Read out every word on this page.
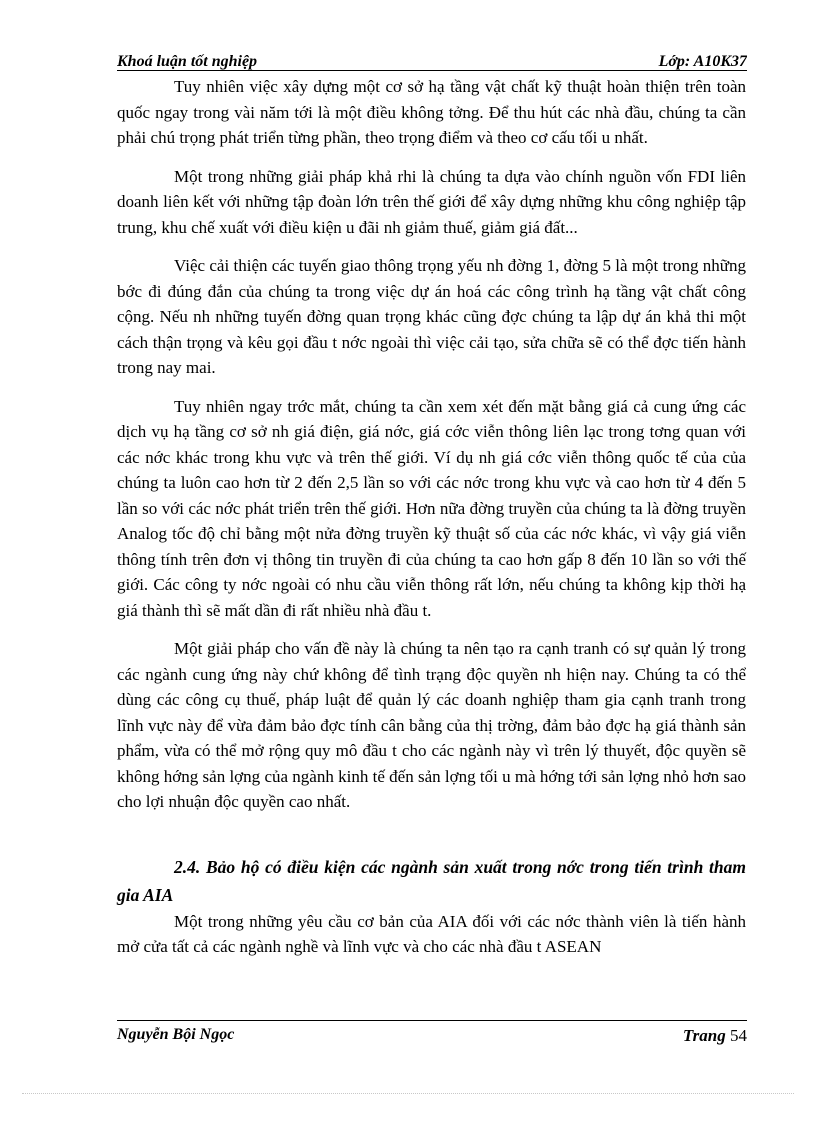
Khoá luận tốt nghiệp	Lớp: A10K37

Tuy nhiên việc xây dựng một cơ sở hạ tầng vật chất kỹ thuật hoàn thiện trên toàn quốc ngay trong vài năm tới là một điều không tởng. Để thu hút các nhà đầu, chúng ta cần phải chú trọng phát triển từng phần, theo trọng điểm và theo cơ cấu tối u nhất.

Một trong những giải pháp khả rhi là chúng ta dựa vào chính nguồn vốn FDI liên doanh liên kết với những tập đoàn lớn trên thế giới để xây dựng những khu công nghiệp tập trung, khu chế xuất với điều kiện u đãi nh giảm thuế, giảm giá đất...

Việc cải thiện các tuyến giao thông trọng yếu nh đờng 1, đờng 5 là một trong những bớc đi đúng đắn của chúng ta trong việc dự án hoá các công trình hạ tầng vật chất công cộng. Nếu nh những tuyến đờng quan trọng khác cũng đợc chúng ta lập dự án khả thi một cách thận trọng và kêu gọi đầu t nớc ngoài thì việc cải tạo, sửa chữa sẽ có thể đợc tiến hành trong nay mai.

Tuy nhiên ngay trớc mắt, chúng ta cần xem xét đến mặt bằng giá cả cung ứng các dịch vụ hạ tầng cơ sở nh giá điện, giá nớc, giá cớc viễn thông liên lạc trong tơng quan với các nớc khác trong khu vực và trên thế giới. Ví dụ nh giá cớc viễn thông quốc tế của của chúng ta luôn cao hơn từ 2 đến 2,5 lần so với các nớc trong khu vực và cao hơn từ 4 đến 5 lần so với các nớc phát triển trên thế giới. Hơn nữa đờng truyền của chúng ta là đờng truyền Analog tốc độ chỉ bằng một nửa đờng truyền kỹ thuật số của các nớc khác, vì vậy giá viễn thông tính trên đơn vị thông tin truyền đi của chúng ta cao hơn gấp 8 đến 10 lần so với thế giới. Các công ty nớc ngoài có nhu cầu viễn thông rất lớn, nếu chúng ta không kịp thời hạ giá thành thì sẽ mất dần đi rất nhiều nhà đầu t.

Một giải pháp cho vấn đề này là chúng ta nên tạo ra cạnh tranh có sự quản lý trong các ngành cung ứng này chứ không để tình trạng độc quyền nh hiện nay. Chúng ta có thể dùng các công cụ thuế, pháp luật để quản lý các doanh nghiệp tham gia cạnh tranh trong lĩnh vực này để vừa đảm bảo đợc tính cân bằng của thị trờng, đảm bảo đợc hạ giá thành sản phẩm, vừa có thể mở rộng quy mô đầu t cho các ngành này vì trên lý thuyết, độc quyền sẽ không hớng sản lợng của ngành kinh tế đến sản lợng tối u mà hớng tới sản lợng nhỏ hơn sao cho lợi nhuận độc quyền cao nhất.

2.4. Bảo hộ có điều kiện các ngành sản xuất trong nớc trong tiến trình tham gia AIA

Một trong những yêu cầu cơ bản của AIA đối với các nớc thành viên là tiến hành mở cửa tất cả các ngành nghề và lĩnh vực và cho các nhà đầu t ASEAN

Nguyễn Bội Ngọc	Trang 54
